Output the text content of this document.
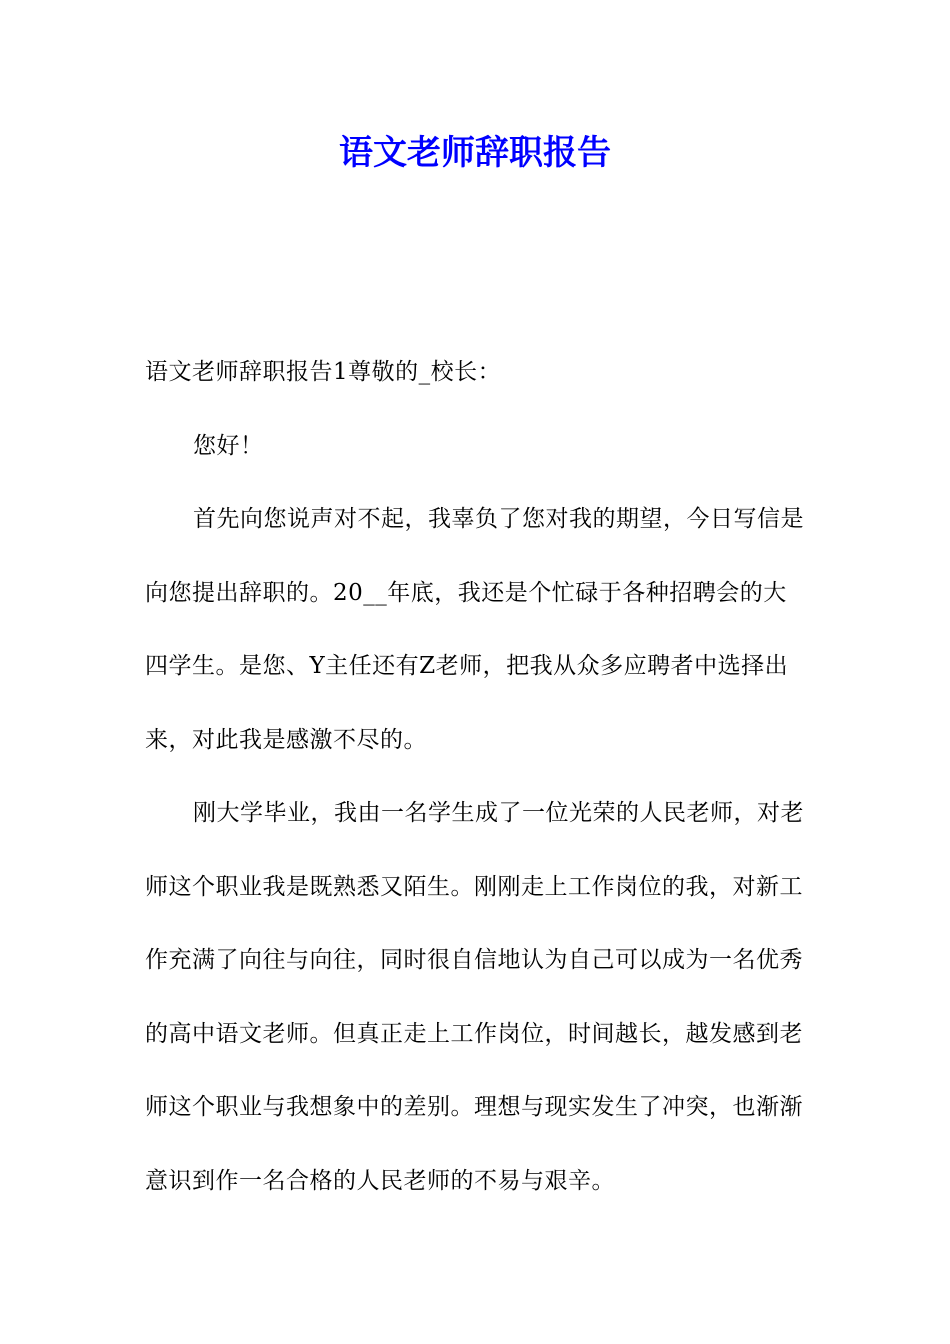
语文老师辞职报告

语文老师辞职报告1尊敬的_校长：

您好！

首先向您说声对不起，我辜负了您对我的期望，今日写信是向您提出辞职的。20__年底，我还是个忙碌于各种招聘会的大四学生。是您、Y主任还有Z老师，把我从众多应聘者中选择出来，对此我是感激不尽的。

刚大学毕业，我由一名学生成了一位光荣的人民老师，对老师这个职业我是既熟悉又陌生。刚刚走上工作岗位的我，对新工作充满了向往与向往，同时很自信地认为自己可以成为一名优秀的高中语文老师。但真正走上工作岗位，时间越长，越发感到老师这个职业与我想象中的差别。理想与现实发生了冲突，也渐渐意识到作一名合格的人民老师的不易与艰辛。
